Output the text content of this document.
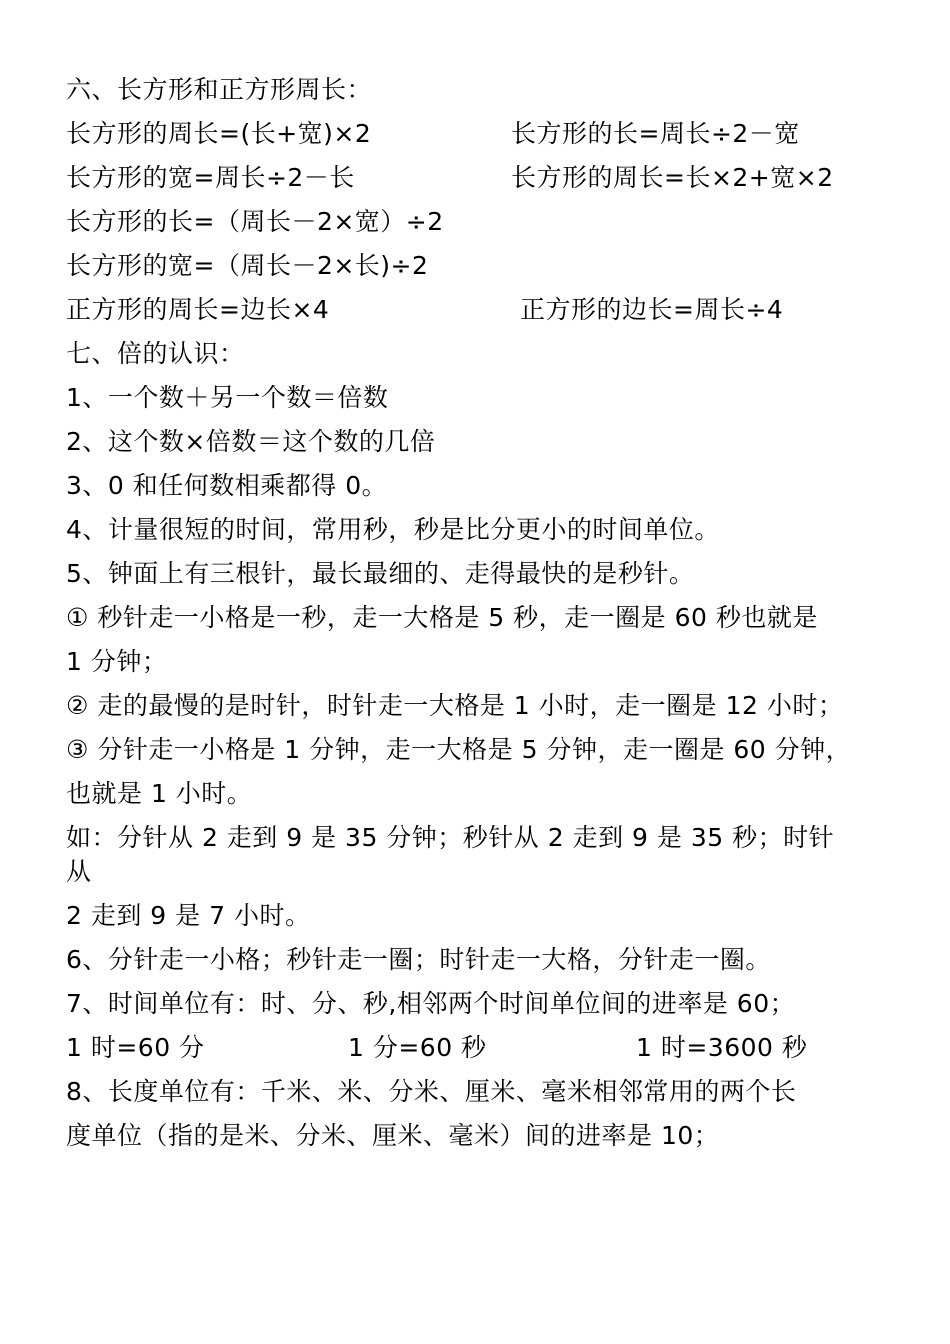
六、长方形和正方形周长：
长方形的周长=(长+宽)×2	长方形的长=周长÷2－宽
长方形的宽=周长÷2－长	长方形的周长=长×2+宽×2
长方形的长=（周长－2×宽）÷2
长方形的宽=（周长－2×长)÷2
正方形的周长=边长×4	正方形的边长=周长÷4
七、倍的认识：
1、一个数＋另一个数＝倍数
2、这个数×倍数＝这个数的几倍
3、0 和任何数相乘都得 0。
4、计量很短的时间，常用秒，秒是比分更小的时间单位。
5、钟面上有三根针，最长最细的、走得最快的是秒针。
① 秒针走一小格是一秒，走一大格是 5 秒，走一圈是 60 秒也就是
1 分钟；
② 走的最慢的是时针，时针走一大格是 1 小时，走一圈是 12 小时；
③ 分针走一小格是 1 分钟，走一大格是 5 分钟，走一圈是 60 分钟，
也就是 1 小时。
如：分针从 2 走到 9 是 35 分钟；秒针从 2 走到 9 是 35 秒；时针
从
2 走到 9 是 7 小时。
6、分针走一小格；秒针走一圈；时针走一大格，分针走一圈。
7、时间单位有：时、分、秒,相邻两个时间单位间的进率是 60；
1 时=60 分	1 分=60 秒	1 时=3600 秒
8、长度单位有：千米、米、分米、厘米、毫米相邻常用的两个长
度单位（指的是米、分米、厘米、毫米）间的进率是 10；
